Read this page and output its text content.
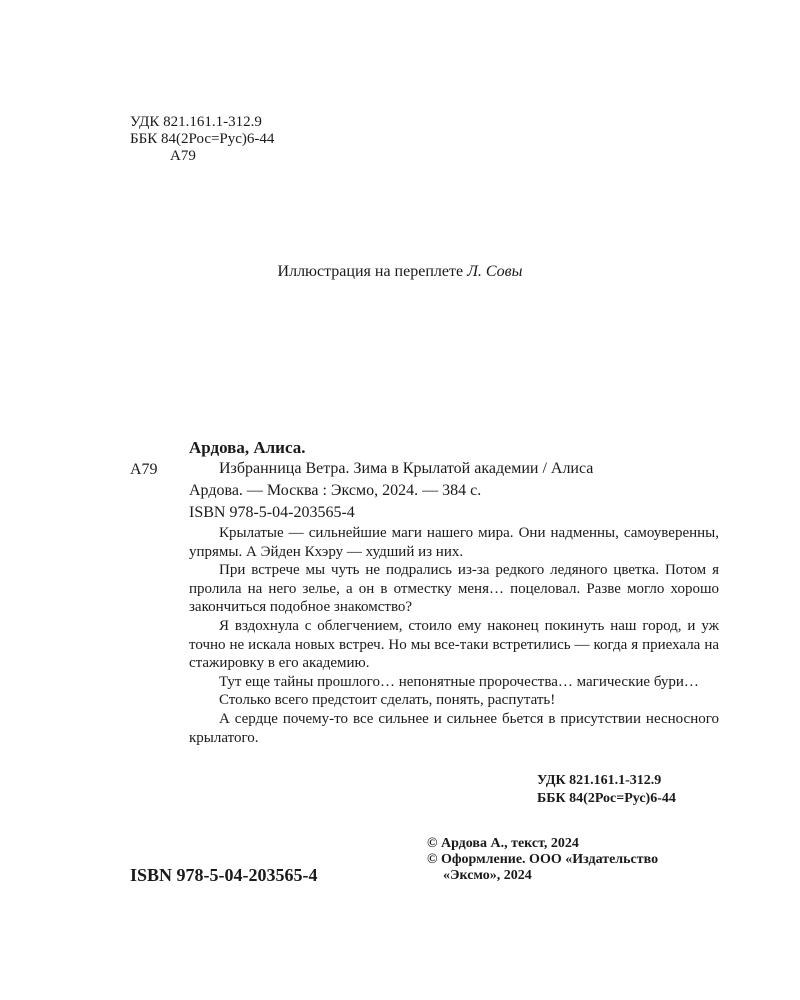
УДК 821.161.1-312.9
ББК 84(2Рос=Рус)6-44
А79
Иллюстрация на переплете Л. Совы
Ардова, Алиса.
А79	Избранница Ветра. Зима в Крылатой академии / Алиса
Ардова. — Москва : Эксмо, 2024. — 384 с.
ISBN 978-5-04-203565-4

Крылатые — сильнейшие маги нашего мира. Они надменны, самоуверенны, упрямы. А Эйден Кхэру — худший из них.

При встрече мы чуть не подрались из-за редкого ледяного цветка. Потом я пролила на него зелье, а он в отместку меня… поцеловал. Разве могло хорошо закончиться подобное знакомство?

Я вздохнула с облегчением, стоило ему наконец покинуть наш город, и уж точно не искала новых встреч. Но мы все-таки встретились — когда я приехала на стажировку в его академию.

Тут еще тайны прошлого… непонятные пророчества… магические бури…

Столько всего предстоит сделать, понять, распутать!

А сердце почему-то все сильнее и сильнее бьется в присутствии несносного крылатого.

УДК 821.161.1-312.9
ББК 84(2Рос=Рус)6-44
© Ардова А., текст, 2024
© Оформление. ООО «Издательство
«Эксмо», 2024
ISBN 978-5-04-203565-4
